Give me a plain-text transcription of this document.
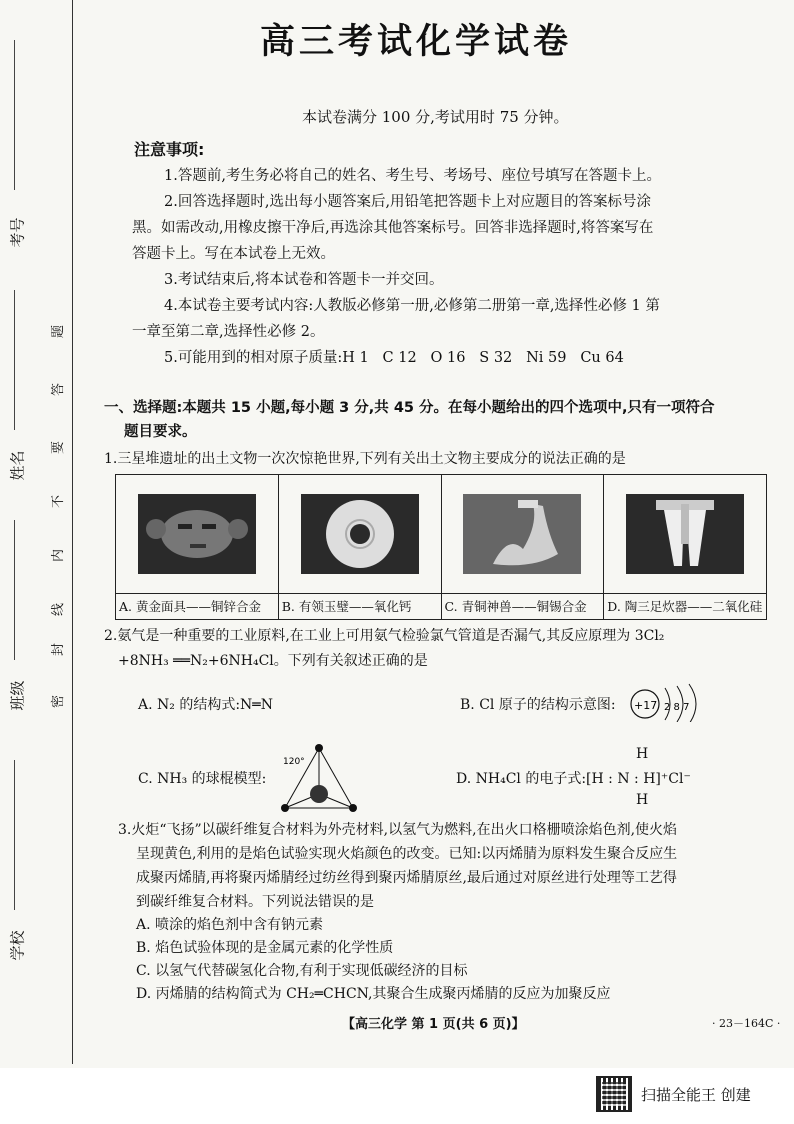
考号
姓名
班级
学校
题
答
要
不
内
线
封
密
高三考试化学试卷
本试卷满分 100 分,考试用时 75 分钟。
注意事项:
1.答题前,考生务必将自己的姓名、考生号、考场号、座位号填写在答题卡上。
2.回答选择题时,选出每小题答案后,用铅笔把答题卡上对应题目的答案标号涂
黑。如需改动,用橡皮擦干净后,再选涂其他答案标号。回答非选择题时,将答案写在
答题卡上。写在本试卷上无效。
3.考试结束后,将本试卷和答题卡一并交回。
4.本试卷主要考试内容:人教版必修第一册,必修第二册第一章,选择性必修 1 第
一章至第二章,选择性必修 2。
5.可能用到的相对原子质量:H 1   C 12   O 16   S 32   Ni 59   Cu 64
一、选择题:本题共 15 小题,每小题 3 分,共 45 分。在每小题给出的四个选项中,只有一项符合
题目要求。
1.三星堆遗址的出土文物一次次惊艳世界,下列有关出土文物主要成分的说法正确的是
A. 黄金面具——铜锌合金	B. 有领玉璧——氧化钙	C. 青铜神兽——铜锡合金	D. 陶三足炊器——二氧化硅
2.氨气是一种重要的工业原料,在工业上可用氨气检验氯气管道是否漏气,其反应原理为 3Cl₂
+8NH₃ ══N₂+6NH₄Cl。下列有关叙述正确的是
A. N₂ 的结构式:N═N	B. Cl 原子的结构示意图: +17 2 8 7
C. NH₃ 的球棍模型:
120°
D. NH₄Cl 的电子式:[H : N : H]⁺Cl⁻
H
H
3.火炬“飞扬”以碳纤维复合材料为外壳材料,以氢气为燃料,在出火口格栅喷涂焰色剂,使火焰
呈现黄色,利用的是焰色试验实现火焰颜色的改变。已知:以丙烯腈为原料发生聚合反应生
成聚丙烯腈,再将聚丙烯腈经过纺丝得到聚丙烯腈原丝,最后通过对原丝进行处理等工艺得
到碳纤维复合材料。下列说法错误的是
A. 喷涂的焰色剂中含有钠元素
B. 焰色试验体现的是金属元素的化学性质
C. 以氢气代替碳氢化合物,有利于实现低碳经济的目标
D. 丙烯腈的结构简式为 CH₂═CHCN,其聚合生成聚丙烯腈的反应为加聚反应
【高三化学 第 1 页(共 6 页)】	· 23－164C ·
扫描全能王 创建
